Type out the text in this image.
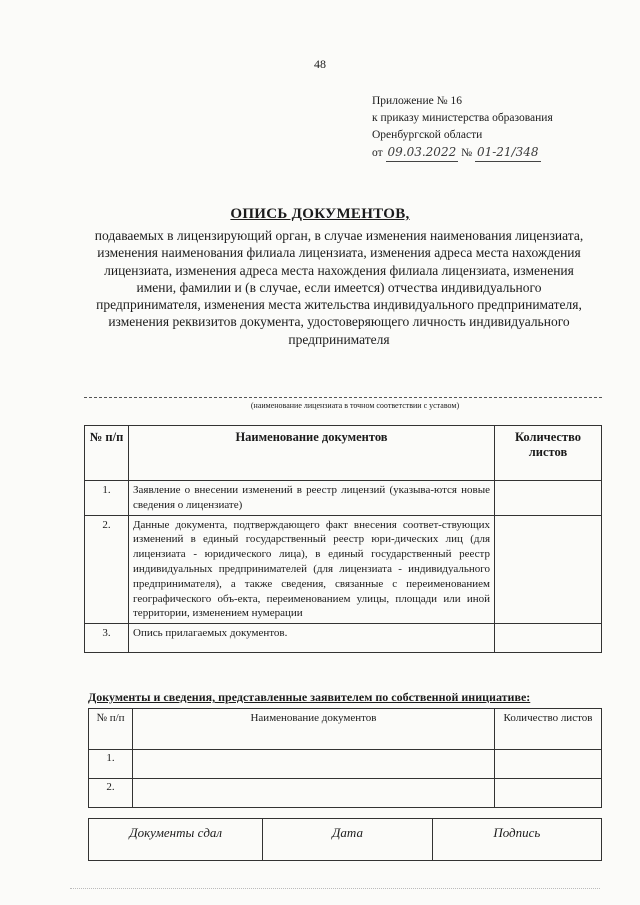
48
Приложение № 16
к приказу министерства образования
Оренбургской области
от
09.03.2022
№
01-21/348
ОПИСЬ ДОКУМЕНТОВ,
подаваемых в лицензирующий орган, в случае изменения наименования лицензиата, изменения наименования филиала лицензиата, изменения адреса места нахождения лицензиата, изменения адреса места нахождения филиала лицензиата, изменения имени, фамилии и (в случае, если имеется) отчества индивидуального предпринимателя, изменения места жительства индивидуального предпринимателя, изменения реквизитов документа, удостоверяющего личность индивидуального предпринимателя
(наименование лицензиата в точном соответствии с уставом)
№ п/п	Наименование документов	Количество листов
1.	Заявление о внесении изменений в реестр лицензий (указыва-ются новые сведения о лицензиате)	
2.	Данные документа, подтверждающего факт внесения соответ-ствующих изменений в единый государственный реестр юри-дических лиц (для лицензиата - юридического лица), в единый государственный реестр индивидуальных предпринимателей (для лицензиата - индивидуального предпринимателя), а также сведения, связанные с переименованием географического объ-екта, переименованием улицы, площади или иной территории, изменением нумерации	
3.	Опись прилагаемых документов.	
Документы и сведения, представленные заявителем по собственной инициативе:
№ п/п	Наименование документов	Количество листов
1.		
2.		
Документы сдал	Дата	Подпись
